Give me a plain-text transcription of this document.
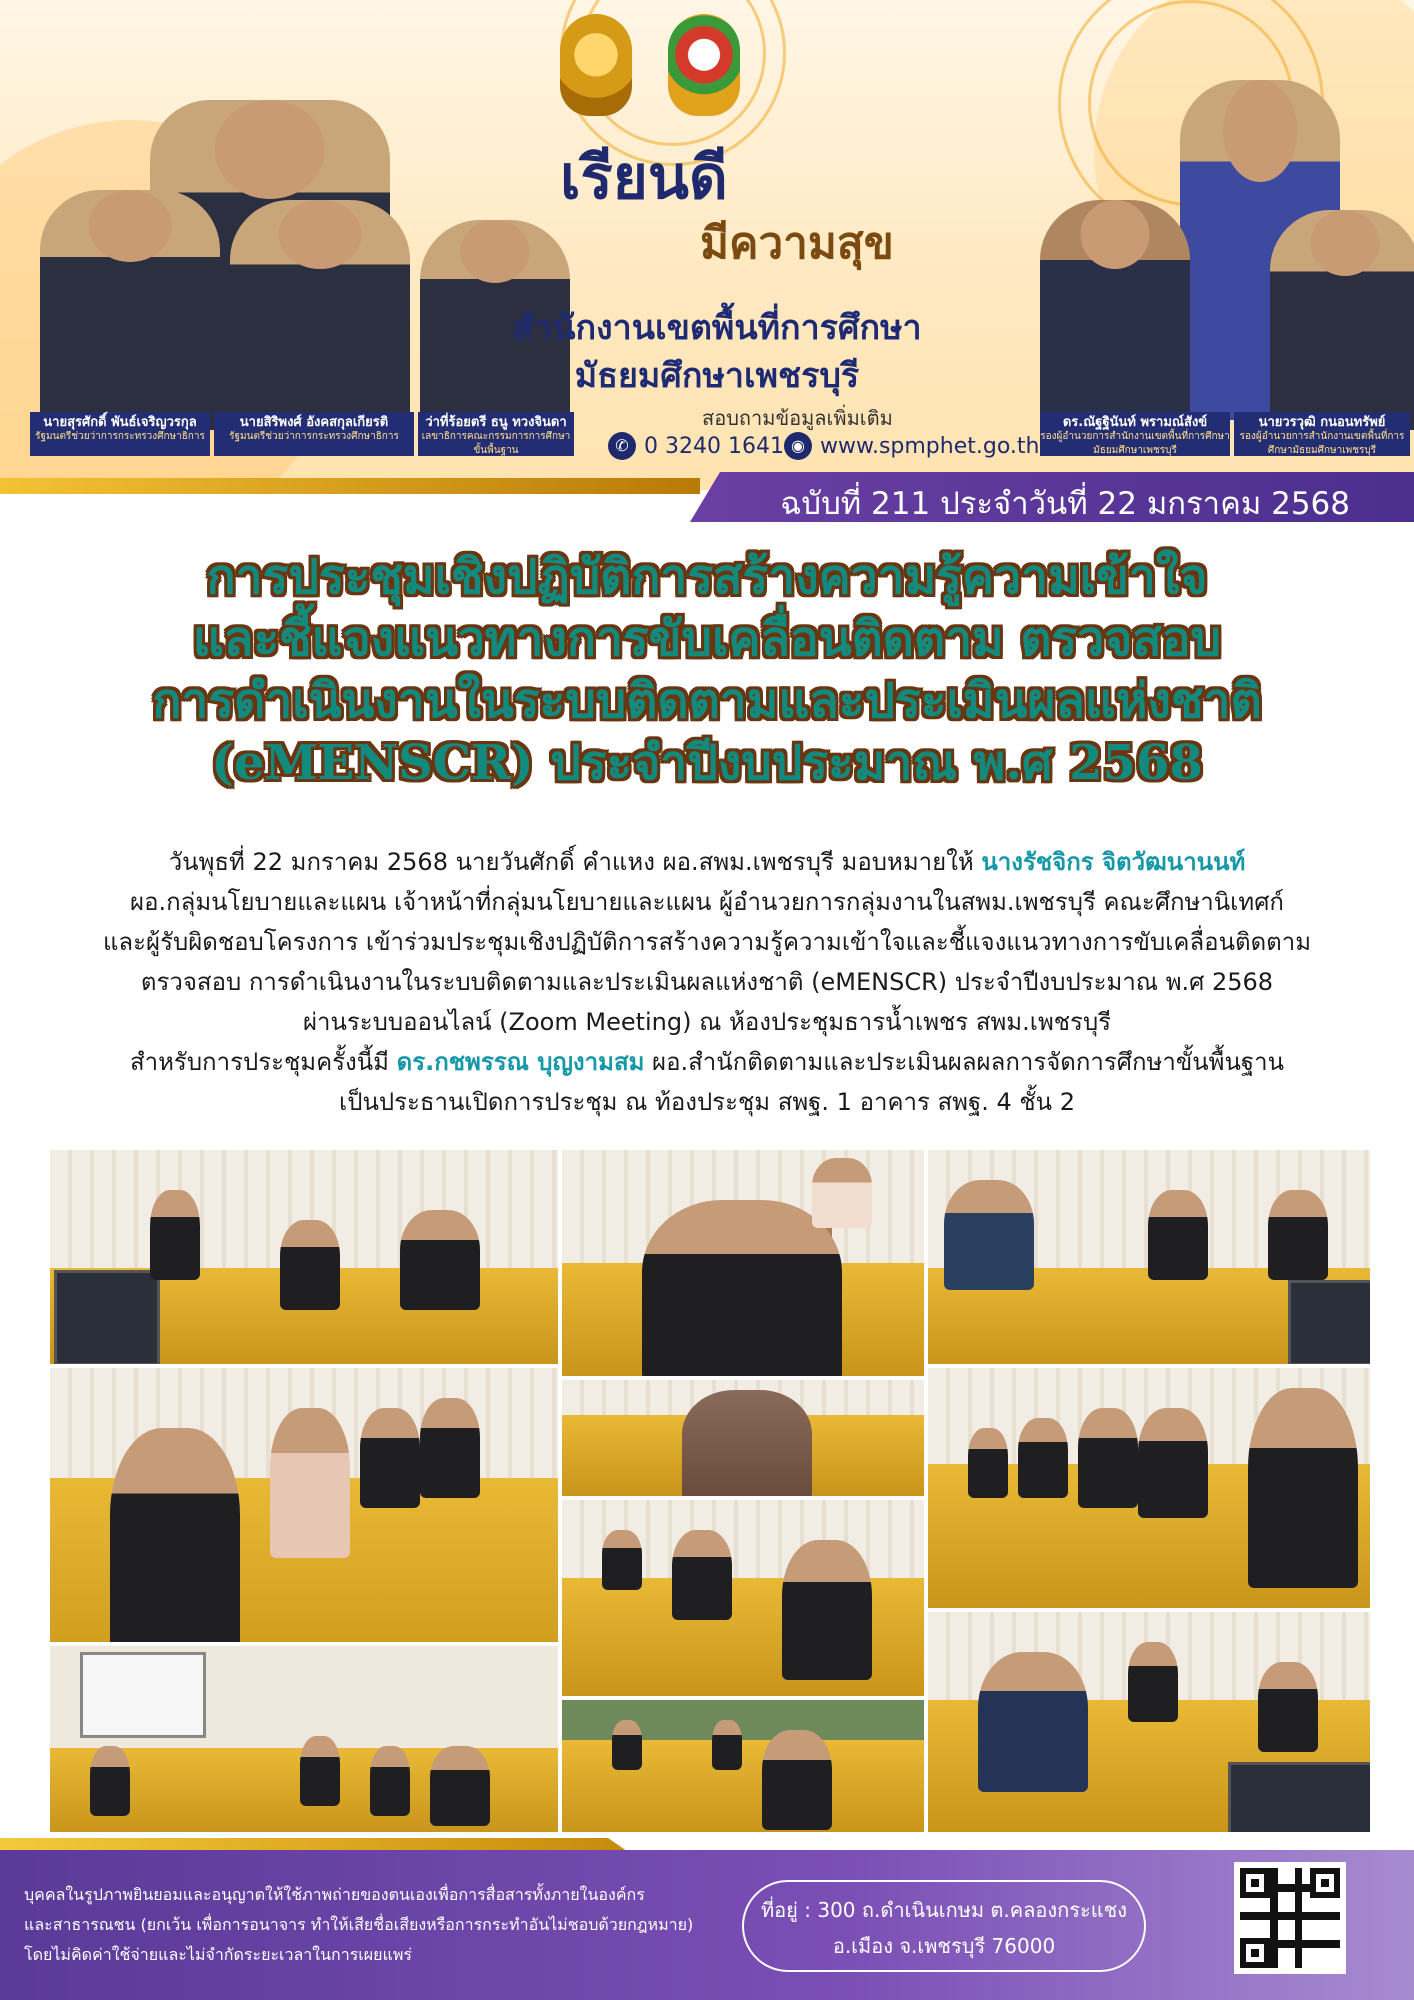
เรียนดี
มีความสุข
สำนักงานเขตพื้นที่การศึกษา
มัธยมศึกษาเพชรบุรี
สอบถามข้อมูลเพิ่มเติม
✆ 0 3240 1641 ◉ www.spmphet.go.th
นายสุรศักดิ์ พันธ์เจริญวรกุล
รัฐมนตรีช่วยว่าการกระทรวงศึกษาธิการ
นายสิริพงศ์ อังคสกุลเกียรติ
รัฐมนตรีช่วยว่าการกระทรวงศึกษาธิการ
ว่าที่ร้อยตรี ธนู ทวงจินดา
เลขาธิการคณะกรรมการการศึกษาขั้นพื้นฐาน
ดร.ณัฐฐินันท์ พรามณ์สังข์
รองผู้อำนวยการสำนักงานเขตพื้นที่การศึกษามัธยมศึกษาเพชรบุรี
นายวรวุฒิ กนอนทรัพย์
รองผู้อำนวยการสำนักงานเขตพื้นที่การศึกษามัธยมศึกษาเพชรบุรี
ฉบับที่ 211 ประจำวันที่ 22 มกราคม 2568
การประชุมเชิงปฏิบัติการสร้างความรู้ความเข้าใจ
และชี้แจงแนวทางการขับเคลื่อนติดตาม ตรวจสอบ
การดำเนินงานในระบบติดตามและประเมินผลแห่งชาติ
(eMENSCR) ประจำปีงบประมาณ พ.ศ 2568
วันพุธที่ 22 มกราคม 2568 นายวันศักดิ์ คำแหง ผอ.สพม.เพชรบุรี มอบหมายให้ นางรัชจิกร จิตวัฒนานนท์
ผอ.กลุ่มนโยบายและแผน เจ้าหน้าที่กลุ่มนโยบายและแผน ผู้อำนวยการกลุ่มงานในสพม.เพชรบุรี คณะศึกษานิเทศก์
และผู้รับผิดชอบโครงการ เข้าร่วมประชุมเชิงปฏิบัติการสร้างความรู้ความเข้าใจและชี้แจงแนวทางการขับเคลื่อนติดตาม
ตรวจสอบ การดำเนินงานในระบบติดตามและประเมินผลแห่งชาติ (eMENSCR) ประจำปีงบประมาณ พ.ศ 2568
ผ่านระบบออนไลน์ (Zoom Meeting) ณ ห้องประชุมธารน้ำเพชร สพม.เพชรบุรี
สำหรับการประชุมครั้งนี้มี ดร.กชพรรณ บุญงามสม ผอ.สำนักติดตามและประเมินผลผลการจัดการศึกษาขั้นพื้นฐาน
เป็นประธานเปิดการประชุม ณ ท้องประชุม สพฐ. 1 อาคาร สพฐ. 4 ชั้น 2
บุคคลในรูปภาพยินยอมและอนุญาตให้ใช้ภาพถ่ายของตนเองเพื่อการสื่อสารทั้งภายในองค์กร
และสาธารณชน (ยกเว้น เพื่อการอนาจาร ทำให้เสียชื่อเสียงหรือการกระทำอันไม่ชอบด้วยกฎหมาย)
โดยไม่คิดค่าใช้จ่ายและไม่จำกัดระยะเวลาในการเผยแพร่
ที่อยู่ : 300 ถ.ดำเนินเกษม ต.คลองกระแชง
อ.เมือง จ.เพชรบุรี 76000
